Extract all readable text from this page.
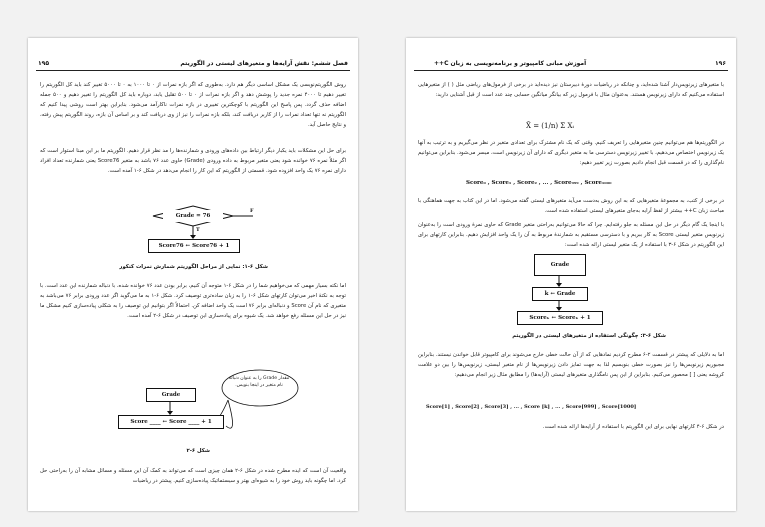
۱۹۵	فصل ششم: نقش آرایه‌ها و متغیرهای لیستی در الگوریتم
روش الگوریتم‌نویسی یک مشکل اساسی دیگر هم دارد. به‌طوری که اگر بازه نمرات از ۰ تا ۱۰۰۰ به ۰ تا ۵۰۰۰ تغییر کند باید کل الگوریتم را تغییر دهیم تا ۴۰۰۰ نمره جدید را پوشش دهد و اگر بازه نمرات از ۰ تا ۵۰۰ تقلیل یابد، دوباره باید کل الگوریتم را تغییر دهیم و ۵۰۰ جمله اضافه حذف گردد. پس پاسخ این الگوریتم با کوچکترین تغییری در بازه نمرات ناکارآمد می‌شود. بنابراین بهتر است روشی پیدا کنیم که الگوریتم نه تنها تعداد نمرات را از کاربر دریافت کند، بلکه بازه نمرات را نیز از وی دریافت کند و بر اساس آن بازه، روند الگوریتم پیش رفته، و نتایج حاصل آید.
برای حل این مشکلات باید یکبار دیگر ارتباط بین داده‌های ورودی و شمارنده‌ها را مد نظر قرار دهیم. الگوریتم ما بر این مبنا استوار است که اگر مثلاً نمره ۷۶ خوانده شود یعنی متغیر مربوط به داده ورودی (Grade) حاوی عدد ۷۶ باشد به متغیر Score76 یعنی شمارنده تعداد افراد دارای نمره ۷۶ یک واحد افزوده شود. قسمتی از الگوریتم که این کار را انجام می‌دهد در شکل ۶-۱ آمده است.
Grade = 76
F
T
Score76 ← Score76 + 1
شکل ۶-۱: نمایی از مراحل الگوریتم شمارش نمرات کنکور
اما نکته بسیار مهمی که می‌خواهیم شما را در شکل ۶-۱ متوجه آن کنیم، برابر بودن عدد ۷۶ خوانده شده، با دنباله شمارنده این عدد است. با توجه به نکتهٔ اخیر می‌توان کارتهای شکل ۶-۱ را به زبان ساده‌تری توصیف کرد. شکل ۶-۱ به ما می‌گوید اگر عدد ورودی برابر ۷۶ می‌باشد به متغیری که نام آن Score و دنباله‌ای برابر ۷۶ است یک واحد اضافه کن. احتمالاً اگر بتوانیم این توصیف را به شکلی پیاده‌سازی کنیم مشکل ما نیز در حل این مسئله رفع خواهد شد. یک شیوه برای پیاده‌سازی این توصیف در شکل ۶-۲ آمده است.
Grade
Score ____ ← Score ____ + 1
مقدار Grade را به عنوان دنباله نام متغیر در اینجا بنویس.
شکل ۶-۲
واقعیت آن است که ایده مطرح شده در شکل ۶-۲ همان چیزی است که می‌تواند به کمک آن این مسئله و مسائل مشابه آن را به‌راحتی حل کرد. اما چگونه باید روش خود را به شیوه‌ای بهتر و سیستماتیک پیاده‌سازی کنیم. پیشتر در ریاضیات
۱۹۶
آموزش مبانی کامپیوتر و برنامه‌نویسی به زبان C++
با متغیرهای زیرنویس‌دار آشنا شده‌اید، و چنانکه در ریاضیات دورهٔ دبیرستان نیز دیده‌اید در برخی از فرمول‌های ریاضی مثل ( ) از متغیرهایی استفاده می‌کنیم که دارای زیرنویس هستند. به‌عنوان مثال با فرمول زیر که بیانگر میانگین حسابی چند عدد است از قبل آشنایی دارید:
X̄ = (1/n) Σ Xᵢ
در الگوریتم‌ها هم می‌توانیم چنین متغیرهایی را تعریف کنیم. وقتی که یک نام مشترک برای تعدادی متغیر در نظر می‌گیریم و به ترتیب به آنها یک زیرنویس اختصاص می‌دهیم، با تغییر زیرنویس دسترسی ما به متغیر دیگری که دارای آن زیرنویس است، میسر می‌شود. بنابراین می‌توانیم نام‌گذاری را که در قسمت قبل انجام دادیم بصورت زیر تغییر دهیم:
Score₀ , Score₁ , Score₂ , ... , Score₉₉₉ , Score₁₀₀₀
در برخی از کتب، به مجموعهٔ متغیرهایی که به این روش به‌دست می‌آید متغیرهای لیستی گفته می‌شود. اما در این کتاب به جهت هماهنگی با مباحث زبان C++ بیشتر از لفظ آرایه به‌جای متغیرهای لیستی استفاده شده است.
با اینجا یک گام دیگر در حل این مسئله به جلو رفته‌ایم. چرا که حالا می‌توانیم به‌راحتی متغیر Grade که حاوی نمرهٔ ورودی است را به‌عنوان زیرنویس متغیر لیستی Score به کار ببریم و با دسترسی مستقیم به شمارندهٔ مربوط به آن را یک واحد افزایش دهیم. بنابراین کارتهای برای این الگوریتم در شکل ۶-۳ با استفاده از یک متغیر لیستی ارائه شده است:
Grade
k ← Grade
Scoreₖ ← Scoreₖ + 1
شکل ۶-۳: چگونگی استفاده از متغیرهای لیستی در الگوریتم
اما به دلایلی که پیشتر در قسمت ۲-۶ مطرح کردیم نمادهایی که از آن حالت خطی خارج می‌شوند برای کامپیوتر قابل خواندن نیستند. بنابراین مجبوریم زیرنویس‌ها را نیز بصورت خطی بنویسیم لذا به جهت تمایز دادن زیرنویس‌ها از نام متغیر لیستی، زیرنویس‌ها را بین دو علامت کروشه یعنی [ ] محصور می‌کنیم. بنابراین از این پس نامگذاری متغیرهای لیستی (آرایه‌ها) را مطابق مثال زیر انجام می‌دهیم:
Score[1] , Score[2] , Score[3] , ... , Score [k] , ... , Score[999] , Score[1000]
در شکل ۶-۴ کارتهای نهایی برای این الگوریتم با استفاده از آرایه‌ها ارائه شده است.
